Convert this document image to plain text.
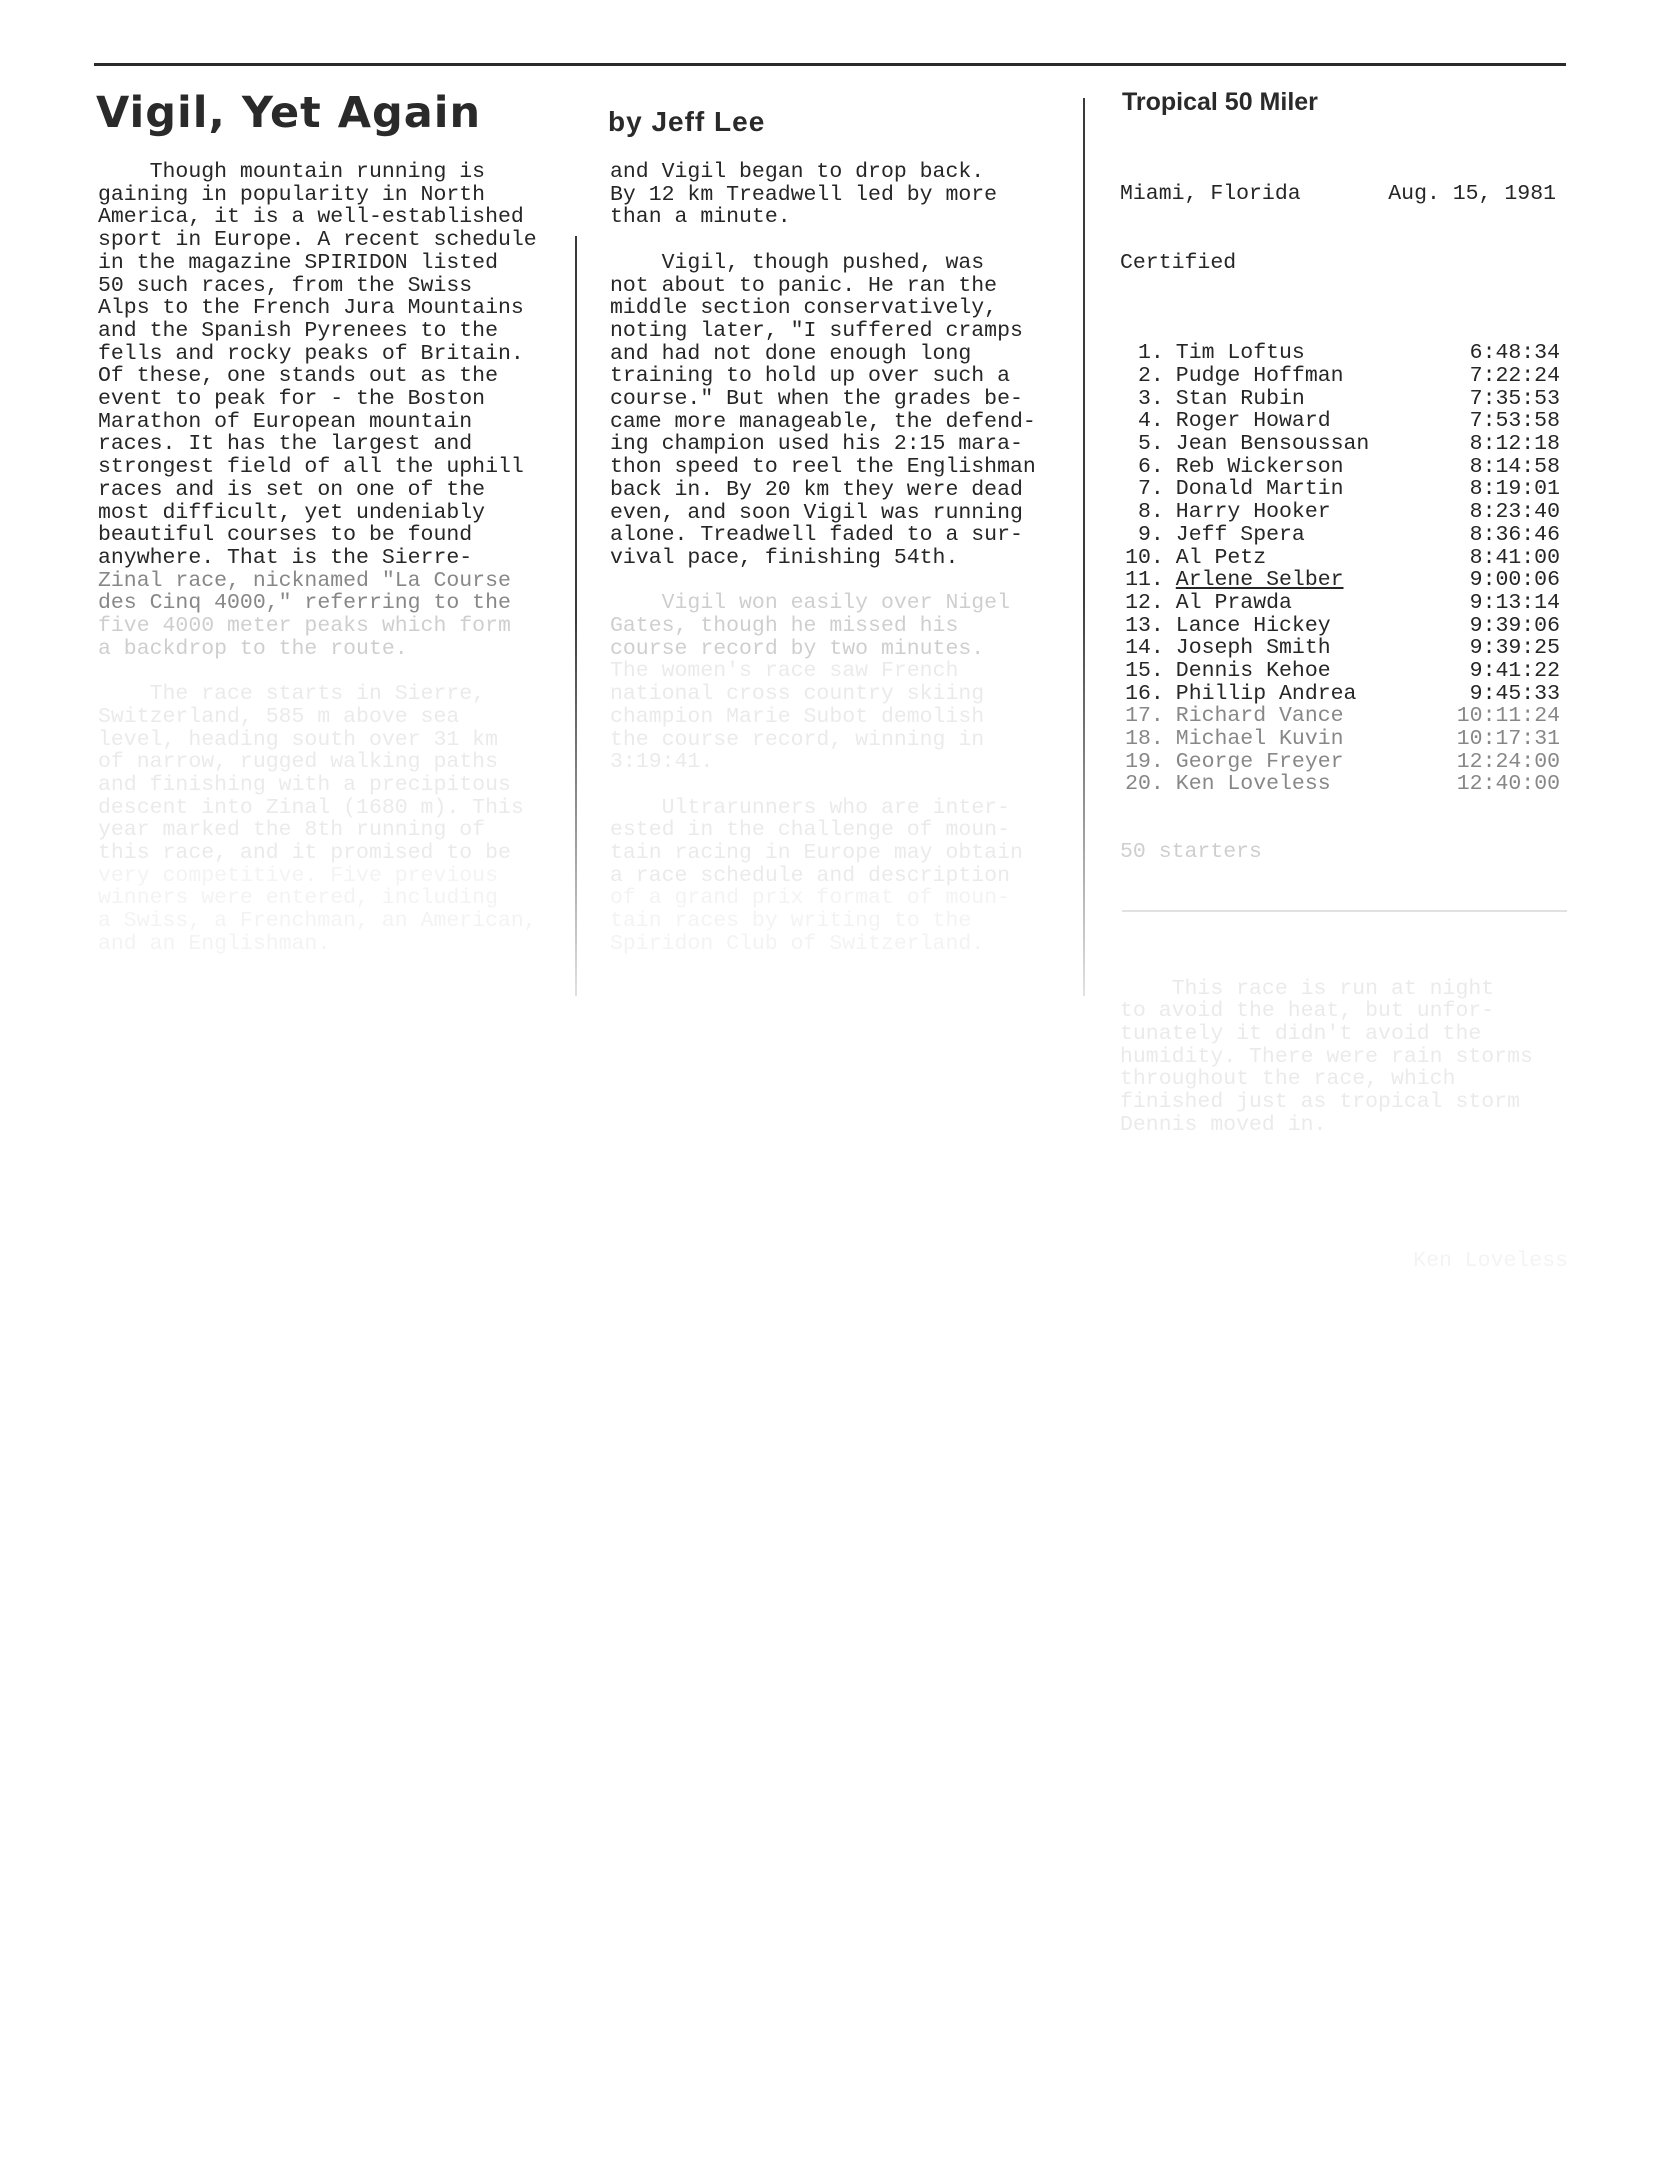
Vigil, Yet Again	by Jeff Lee
Tropical 50 Miler

Though mountain running is

gaining in popularity in North

America, it is a well-established

sport in Europe. A recent schedule

in the magazine SPIRIDON listed

50 such races, from the Swiss

Alps to the French Jura Mountains

and the Spanish Pyrenees to the

fells and rocky peaks of Britain.

Of these, one stands out as the

event to peak for - the Boston

Marathon of European mountain

races. It has the largest and

strongest field of all the uphill

races and is set on one of the

most difficult, yet undeniably

beautiful courses to be found

anywhere. That is the Sierre-

Zinal race, nicknamed "La Course

des Cinq 4000," referring to the

five 4000 meter peaks which form

a backdrop to the route.

The race starts in Sierre,

Switzerland, 585 m above sea

level, heading south over 31 km

of narrow, rugged walking paths

and finishing with a precipitous

descent into Zinal (1680 m). This

year marked the 8th running of

this race, and it promised to be

very competitive. Five previous

winners were entered, including

a Swiss, a Frenchman, an American,

and an Englishman.

and Vigil began to drop back.

By 12 km Treadwell led by more

than a minute.

Vigil, though pushed, was

not about to panic. He ran the

middle section conservatively,

noting later, "I suffered cramps

and had not done enough long

training to hold up over such a

course." But when the grades be-

came more manageable, the defend-

ing champion used his 2:15 mara-

thon speed to reel the Englishman

back in. By 20 km they were dead

even, and soon Vigil was running

alone. Treadwell faded to a sur-

vival pace, finishing 54th.

Vigil won easily over Nigel

Gates, though he missed his

course record by two minutes.

The women's race saw French

national cross country skiing

champion Marie Subot demolish

the course record, winning in

3:19:41.

Ultrarunners who are inter-

ested in the challenge of moun-

tain racing in Europe may obtain

a race schedule and description

of a grand prix format of moun-

tain races by writing to the

Spiridon Club of Switzerland.

Miami, Florida	Aug. 15, 1981

Certified

1. Tim Loftus	6:48:34
2. Pudge Hoffman	7:22:24
3. Stan Rubin	7:35:53
4. Roger Howard	7:53:58
5. Jean Bensoussan	8:12:18
6. Reb Wickerson	8:14:58
7. Donald Martin	8:19:01
8. Harry Hooker	8:23:40
9. Jeff Spera	8:36:46
10. Al Petz	8:41:00
11. Arlene Selber	9:00:06
12. Al Prawda	9:13:14
13. Lance Hickey	9:39:06
14. Joseph Smith	9:39:25
15. Dennis Kehoe	9:41:22
16. Phillip Andrea	9:45:33
17. Richard Vance	10:11:24
18. Michael Kuvin	10:17:31
19. George Freyer	12:24:00
20. Ken Loveless	12:40:00

50 starters

This race is run at night

to avoid the heat, but unfor-

tunately it didn't avoid the

humidity. There were rain storms

throughout the race, which

finished just as tropical storm

Dennis moved in.

Ken Loveless
